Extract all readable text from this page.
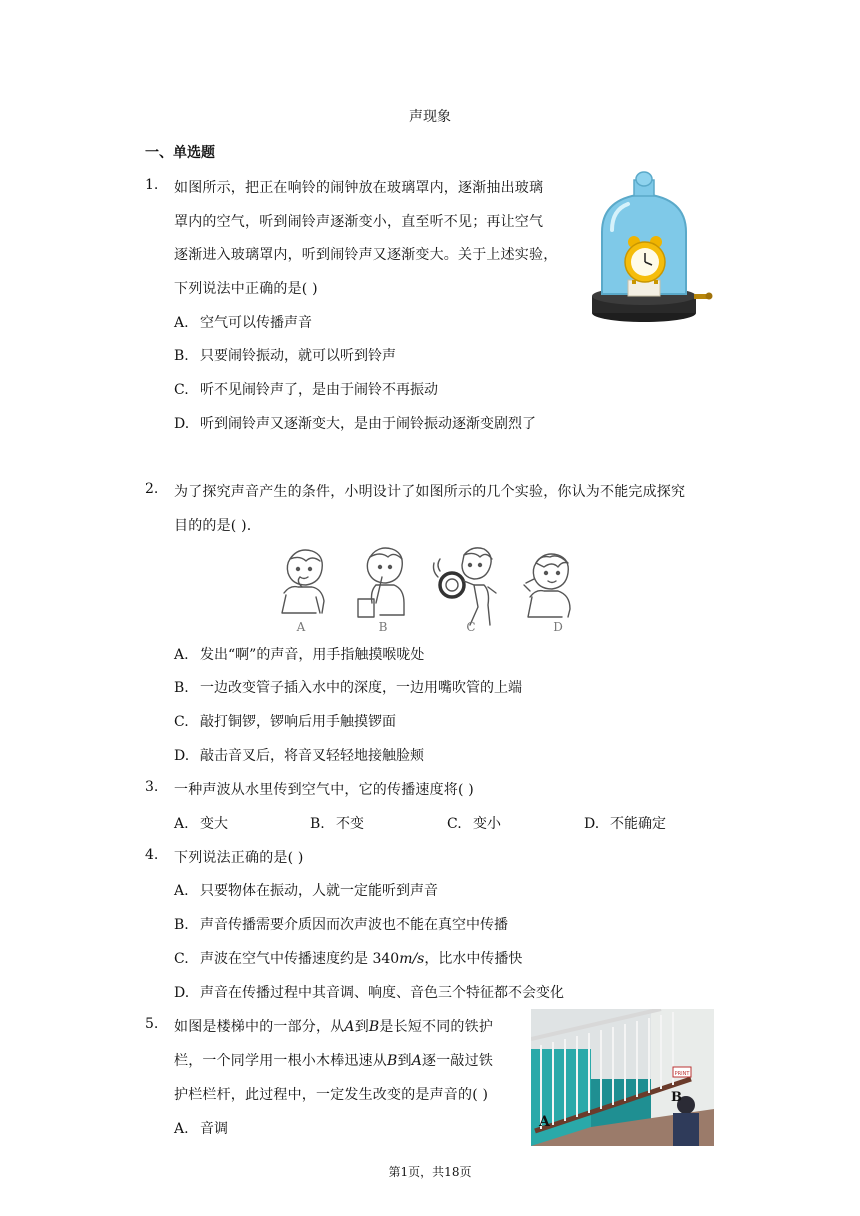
声现象
一、单选题
1. 如图所示，把正在响铃的闹钟放在玻璃罩内，逐渐抽出玻璃
罩内的空气，听到闹铃声逐渐变小，直至听不见；再让空气
逐渐进入玻璃罩内，听到闹铃声又逐渐变大。关于上述实验，
下列说法中正确的是( )
A. 空气可以传播声音
B. 只要闹铃振动，就可以听到铃声
C. 听不见闹铃声了，是由于闹铃不再振动
D. 听到闹铃声又逐渐变大，是由于闹铃振动逐渐变剧烈了
2. 为了探究声音产生的条件，小明设计了如图所示的几个实验，你认为不能完成探究
目的的是( ).
A	B	C	D
A. 发出“啊”的声音，用手指触摸喉咙处
B. 一边改变管子插入水中的深度，一边用嘴吹管的上端
C. 敲打铜锣，锣响后用手触摸锣面
D. 敲击音叉后，将音叉轻轻地接触脸颊
3. 一种声波从水里传到空气中，它的传播速度将( )
A. 变大	B. 不变	C. 变小	D. 不能确定
4. 下列说法正确的是( )
A. 只要物体在振动，人就一定能听到声音
B. 声音传播需要介质因而次声波也不能在真空中传播
C. 声波在空气中传播速度约是 340m/s，比水中传播快
D. 声音在传播过程中其音调、响度、音色三个特征都不会变化
5. 如图是楼梯中的一部分，从A到B是长短不同的铁护
栏，一个同学用一根小木棒迅速从B到A逐一敲过铁
护栏栏杆，此过程中，一定发生改变的是声音的( )
A. 音调
PRINT
B
A
第1页，共18页
